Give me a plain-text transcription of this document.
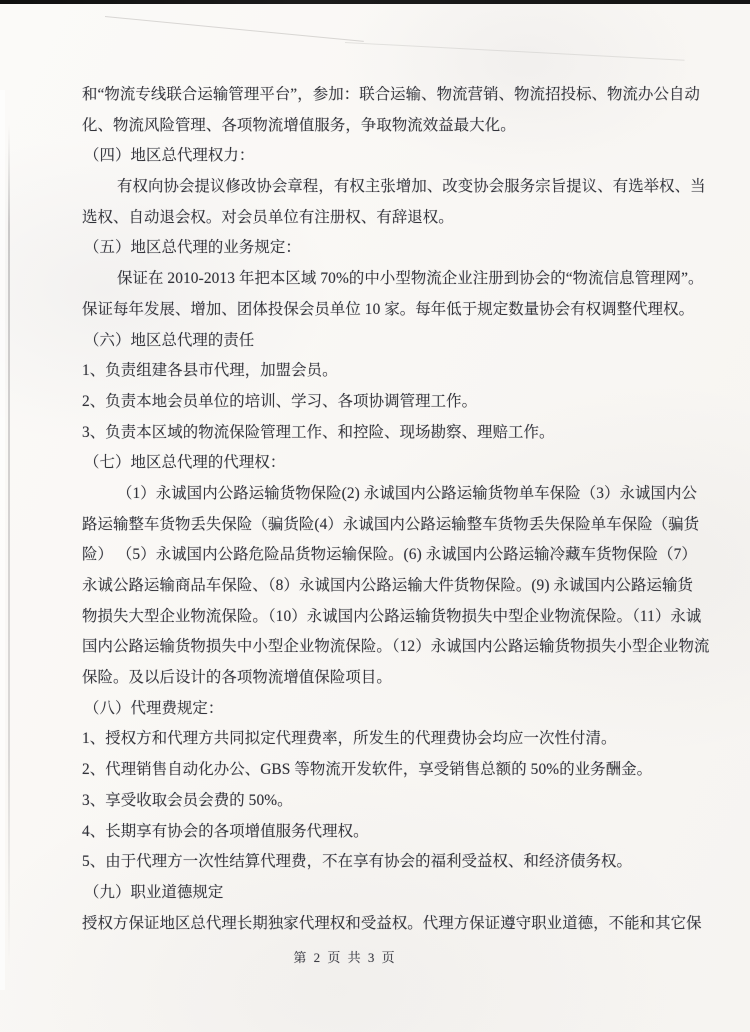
和“物流专线联合运输管理平台”，参加：联合运输、物流营销、物流招投标、物流办公自动
化、物流风险管理、各项物流增值服务，争取物流效益最大化。
（四）地区总代理权力：
有权向协会提议修改协会章程，有权主张增加、改变协会服务宗旨提议、有选举权、当
选权、自动退会权。对会员单位有注册权、有辞退权。
（五）地区总代理的业务规定：
保证在 2010-2013 年把本区域 70%的中小型物流企业注册到协会的“物流信息管理网”。
保证每年发展、增加、团体投保会员单位 10 家。每年低于规定数量协会有权调整代理权。
（六）地区总代理的责任
1、负责组建各县市代理，加盟会员。
2、负责本地会员单位的培训、学习、各项协调管理工作。
3、负责本区域的物流保险管理工作、和控险、现场勘察、理赔工作。
（七）地区总代理的代理权：
（1）永诚国内公路运输货物保险(2) 永诚国内公路运输货物单车保险（3）永诚国内公
路运输整车货物丢失保险（骗货险(4）永诚国内公路运输整车货物丢失保险单车保险（骗货
险） （5）永诚国内公路危险品货物运输保险。(6) 永诚国内公路运输冷藏车货物保险（7）
永诚公路运输商品车保险、（8）永诚国内公路运输大件货物保险。(9) 永诚国内公路运输货
物损失大型企业物流保险。（10）永诚国内公路运输货物损失中型企业物流保险。（11）永诚
国内公路运输货物损失中小型企业物流保险。（12）永诚国内公路运输货物损失小型企业物流
保险。及以后设计的各项物流增值保险项目。
（八）代理费规定：
1、授权方和代理方共同拟定代理费率，所发生的代理费协会均应一次性付清。
2、代理销售自动化办公、GBS 等物流开发软件，享受销售总额的 50%的业务酬金。
3、享受收取会员会费的 50%。
4、长期享有协会的各项增值服务代理权。
5、由于代理方一次性结算代理费，不在享有协会的福利受益权、和经济债务权。
（九）职业道德规定
授权方保证地区总代理长期独家代理权和受益权。代理方保证遵守职业道德，不能和其它保
第 2 页 共 3 页
